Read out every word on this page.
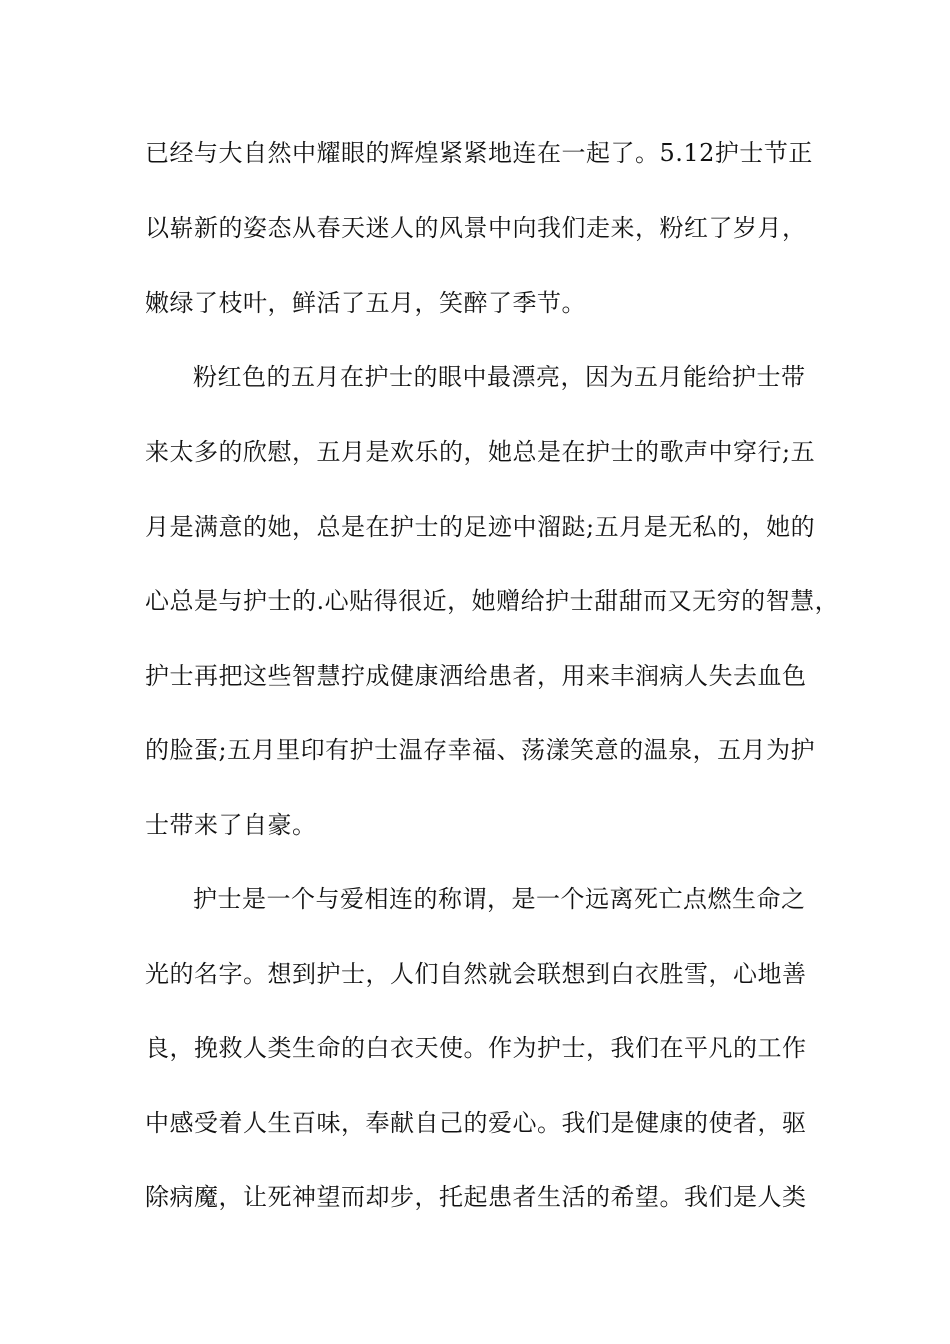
已经与大自然中耀眼的辉煌紧紧地连在一起了。5.12护士节正
以崭新的姿态从春天迷人的风景中向我们走来，粉红了岁月，
嫩绿了枝叶，鲜活了五月，笑醉了季节。
粉红色的五月在护士的眼中最漂亮，因为五月能给护士带
来太多的欣慰，五月是欢乐的，她总是在护士的歌声中穿行;五
月是满意的她，总是在护士的足迹中溜跶;五月是无私的，她的
心总是与护士的.心贴得很近，她赠给护士甜甜而又无穷的智慧，
护士再把这些智慧拧成健康洒给患者，用来丰润病人失去血色
的脸蛋;五月里印有护士温存幸福、荡漾笑意的温泉，五月为护
士带来了自豪。
护士是一个与爱相连的称谓，是一个远离死亡点燃生命之
光的名字。想到护士，人们自然就会联想到白衣胜雪，心地善
良，挽救人类生命的白衣天使。作为护士，我们在平凡的工作
中感受着人生百味，奉献自己的爱心。我们是健康的使者，驱
除病魔，让死神望而却步，托起患者生活的希望。我们是人类
